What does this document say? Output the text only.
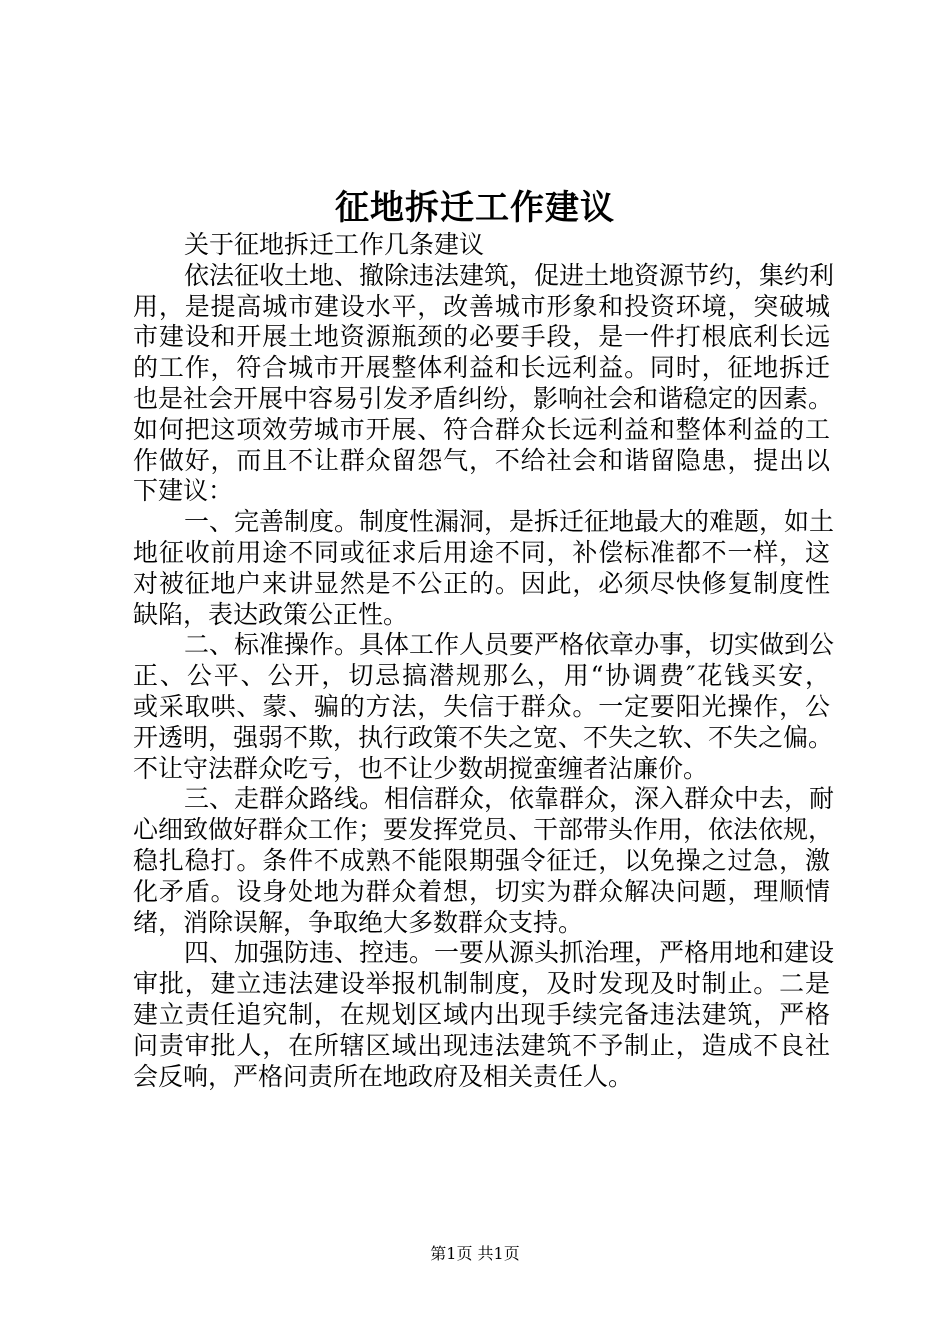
征地拆迁工作建议
关于征地拆迁工作几条建议
依法征收土地、撤除违法建筑，促进土地资源节约，集约利
用，是提高城市建设水平，改善城市形象和投资环境，突破城
市建设和开展土地资源瓶颈的必要手段，是一件打根底利长远
的工作，符合城市开展整体利益和长远利益。同时，征地拆迁
也是社会开展中容易引发矛盾纠纷，影响社会和谐稳定的因素。
如何把这项效劳城市开展、符合群众长远利益和整体利益的工
作做好，而且不让群众留怨气，不给社会和谐留隐患，提出以
下建议：
一、完善制度。制度性漏洞，是拆迁征地最大的难题，如土
地征收前用途不同或征求后用途不同，补偿标准都不一样，这
对被征地户来讲显然是不公正的。因此，必须尽快修复制度性
缺陷，表达政策公正性。
二、标准操作。具体工作人员要严格依章办事，切实做到公
正、公平、公开，切忌搞潜规那么，用“协调费″花钱买安，
或采取哄、蒙、骗的方法，失信于群众。一定要阳光操作，公
开透明，强弱不欺，执行政策不失之宽、不失之软、不失之偏。
不让守法群众吃亏，也不让少数胡搅蛮缠者沾廉价。
三、走群众路线。相信群众，依靠群众，深入群众中去，耐
心细致做好群众工作；要发挥党员、干部带头作用，依法依规，
稳扎稳打。条件不成熟不能限期强令征迁，以免操之过急，激
化矛盾。设身处地为群众着想，切实为群众解决问题，理顺情
绪，消除误解，争取绝大多数群众支持。
四、加强防违、控违。一要从源头抓治理，严格用地和建设
审批，建立违法建设举报机制制度，及时发现及时制止。二是
建立责任追究制，在规划区域内出现手续完备违法建筑，严格
问责审批人，在所辖区域出现违法建筑不予制止，造成不良社
会反响，严格问责所在地政府及相关责任人。
第1页 共1页
